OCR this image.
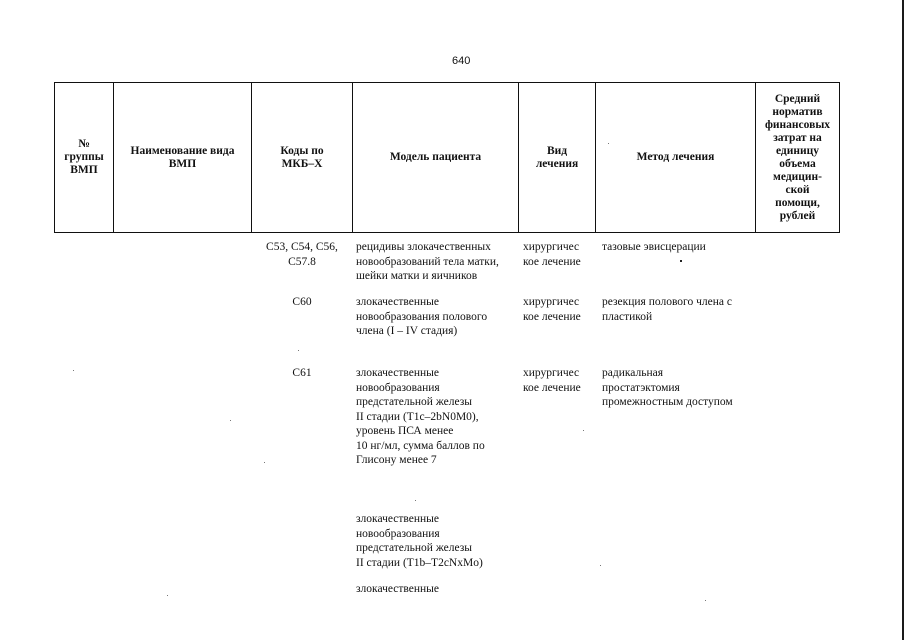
640
№
группы
ВМП
Наименование вида
ВМП
Коды по
МКБ–Х
Модель пациента
Вид
лечения
Метод лечения
Средний
норматив
финансовых
затрат на
единицу
объема
медицин-
ской
помощи,
рублей
C53, C54, C56,
C57.8
рецидивы злокачественных
новообразований тела матки,
шейки матки и яичников
хирургичес
кое лечение
тазовые эвисцерации
C60	злокачественные
новообразования полового
члена (I – IV стадия)
хирургичес
кое лечение
резекция полового члена с
пластикой
C61	злокачественные
новообразования
предстательной железы
II стадии (T1c–2bN0M0),
уровень ПСА менее
10 нг/мл, сумма баллов по
Глисону менее 7
хирургичес
кое лечение
радикальная
простатэктомия
промежностным доступом
злокачественные
новообразования
предстательной железы
II стадии (T1b–T2cNxMo)
злокачественные
